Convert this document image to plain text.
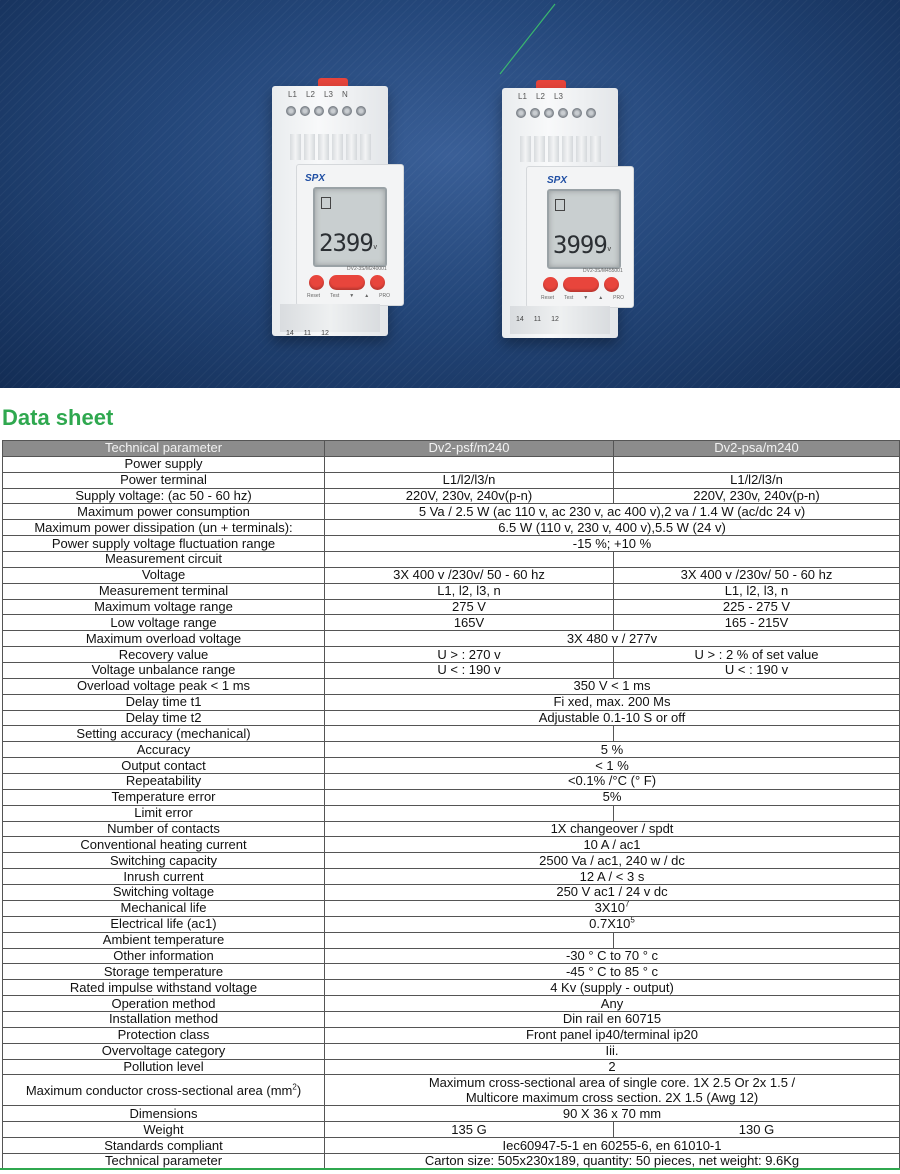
L1	L2	L3	N
SPX
2399 v
DV2-3S/M240001
Reset Test ▼ ▲ PRO
14 11 12
L1	L2	L3
SPX
3999 v
DV2-3S/M455001
Reset Test ▼ ▲ PRO
14 11 12
Data sheet
Technical parameter	Dv2-psf/m240	Dv2-psa/m240
Power supply		
Power terminal	L1/l2/l3/n	L1/l2/l3/n
Supply voltage: (ac 50 - 60 hz)	220V, 230v, 240v(p-n)	220V, 230v, 240v(p-n)
Maximum power consumption	5 Va / 2.5 W (ac 110 v, ac 230 v, ac 400 v),2 va / 1.4 W (ac/dc 24 v)	
Maximum power dissipation (un + terminals):	6.5 W (110 v, 230 v, 400 v),5.5 W (24 v)	
Power supply voltage fluctuation range	-15 %; +10 %	
Measurement circuit		
Voltage	3X 400 v /230v/ 50 - 60 hz	3X 400 v /230v/ 50 - 60 hz
Measurement terminal	L1, l2, l3, n	L1, l2, l3, n
Maximum voltage range	275 V	225 - 275 V
Low voltage range	165V	165 - 215V
Maximum overload voltage	3X 480 v / 277v	
Recovery value	U > : 270 v	U > : 2 % of set value
Voltage unbalance range	U < : 190 v	U < : 190 v
Overload voltage peak < 1 ms	350 V < 1 ms	
Delay time t1	Fi xed, max. 200 Ms	
Delay time t2	Adjustable 0.1-10 S or off	
Setting accuracy (mechanical)		
Accuracy	5 %	
Output contact	< 1 %	
Repeatability	<0.1% /°C (° F)	
Temperature error	5%	
Limit error		
Number of contacts	1X changeover / spdt	
Conventional heating current	10 A / ac1	
Switching capacity	2500 Va / ac1, 240 w / dc	
Inrush current	12 A / < 3 s	
Switching voltage	250 V ac1 / 24 v dc	
Mechanical life	$3X10^7$
Electrical life (ac1)	$0.7X10^5$
Ambient temperature		
Other information	-30 ° C to 70 ° c	
Storage temperature	-45 ° C to 85 ° c	
Rated impulse withstand voltage	4 Kv (supply - output)	
Operation method	Any	
Installation method	Din rail en 60715	
Protection class	Front panel ip40/terminal ip20	
Overvoltage category	Iii.	
Pollution level	2	
Maximum conductor cross-sectional area $(mm^2)$	Maximum cross-sectional area of single core. 1X 2.5 Or 2x 1.5 /
Multicore maximum cross section. 2X 1.5 (Awg 12)	
Dimensions	90 X 36 x 70 mm	
Weight	135 G	130 G
Standards compliant	Iec60947-5-1 en 60255-6, en 61010-1	
Technical parameter	Carton size: 505x230x189, quantity: 50 pieces, net weight: 9.6Kg	
